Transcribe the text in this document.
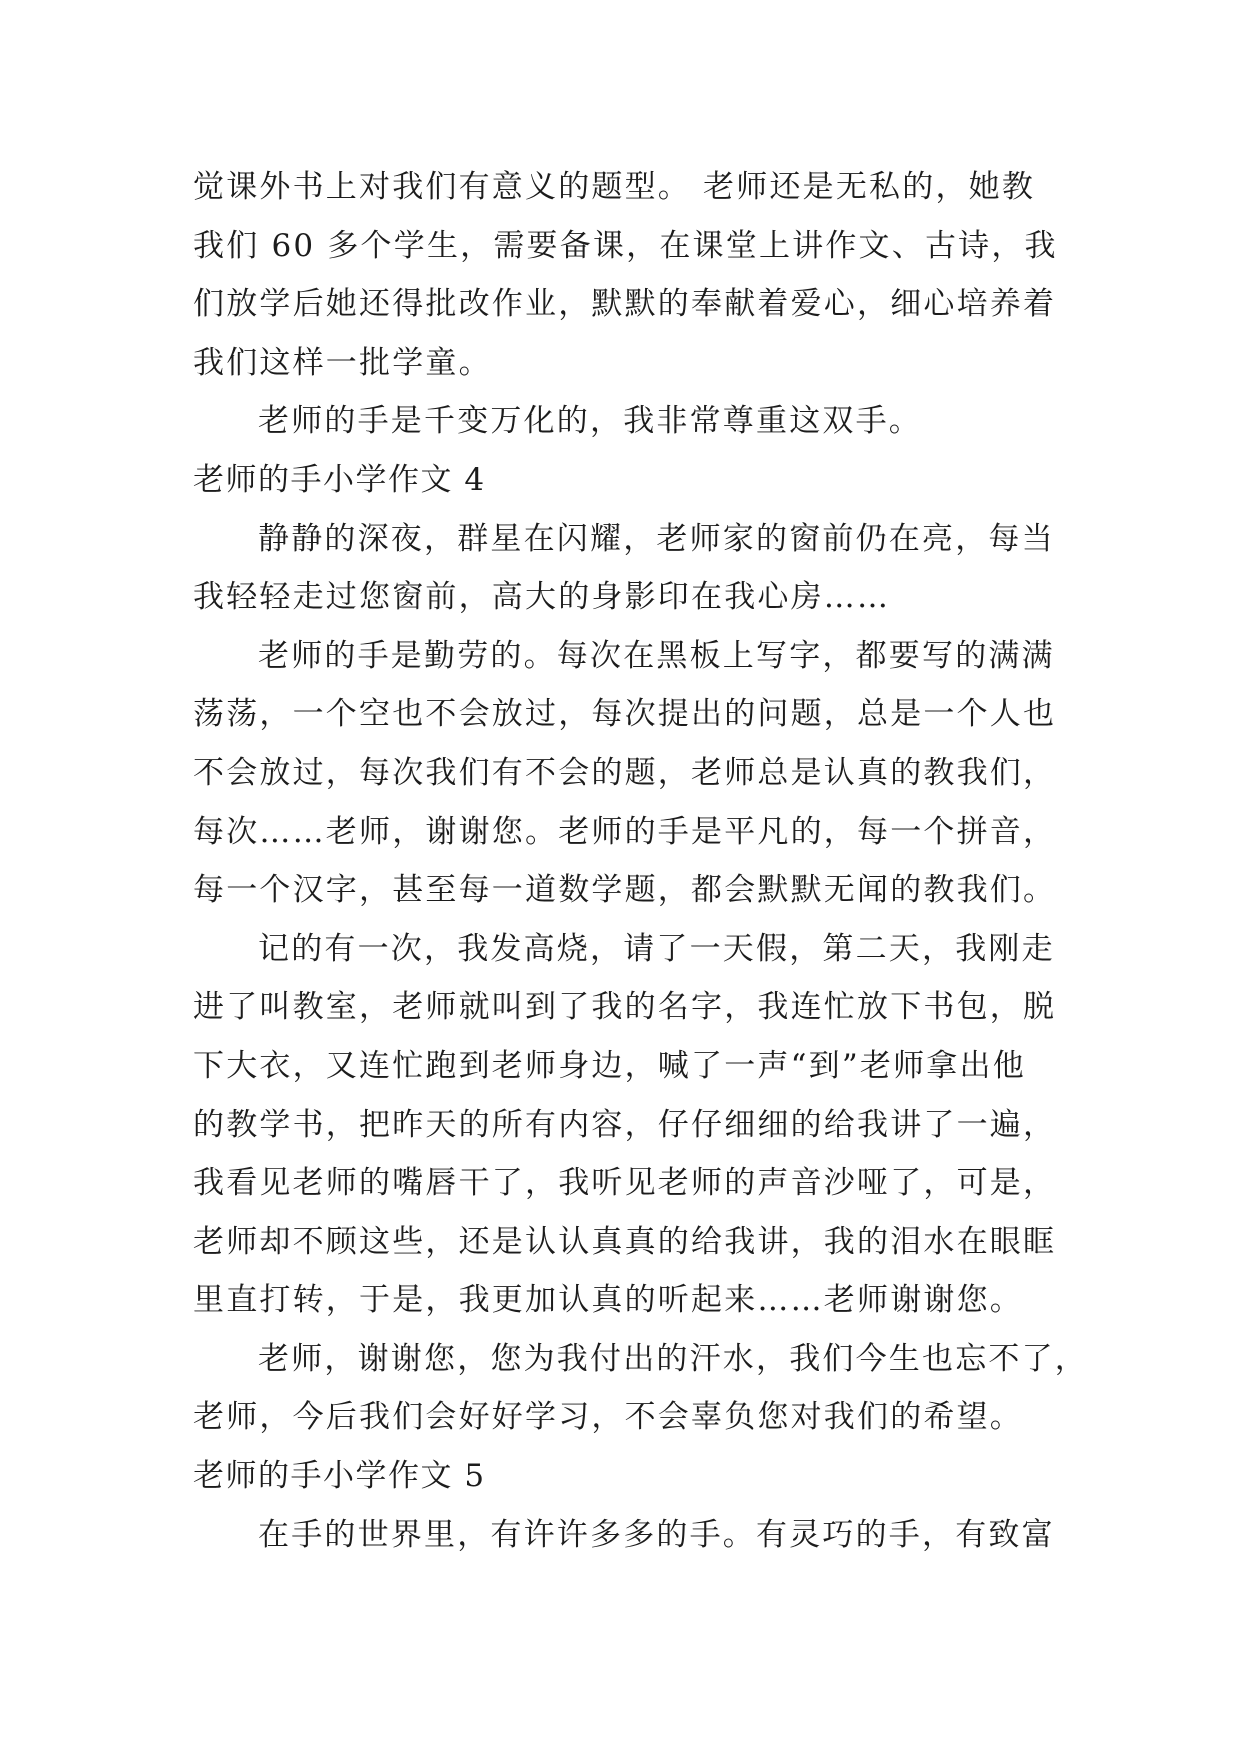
觉课外书上对我们有意义的题型。 老师还是无私的，她教
我们 60 多个学生，需要备课，在课堂上讲作文、古诗，我
们放学后她还得批改作业，默默的奉献着爱心，细心培养着
我们这样一批学童。
老师的手是千变万化的，我非常尊重这双手。
老师的手小学作文 4
静静的深夜，群星在闪耀，老师家的窗前仍在亮，每当
我轻轻走过您窗前，高大的身影印在我心房……
老师的手是勤劳的。每次在黑板上写字，都要写的满满
荡荡，一个空也不会放过，每次提出的问题，总是一个人也
不会放过，每次我们有不会的题，老师总是认真的教我们，
每次……老师，谢谢您。老师的手是平凡的，每一个拼音，
每一个汉字，甚至每一道数学题，都会默默无闻的教我们。
记的有一次，我发高烧，请了一天假，第二天，我刚走
进了叫教室，老师就叫到了我的名字，我连忙放下书包，脱
下大衣，又连忙跑到老师身边，喊了一声“到”老师拿出他
的教学书，把昨天的所有内容，仔仔细细的给我讲了一遍，
我看见老师的嘴唇干了，我听见老师的声音沙哑了，可是，
老师却不顾这些，还是认认真真的给我讲，我的泪水在眼眶
里直打转，于是，我更加认真的听起来……老师谢谢您。
老师，谢谢您，您为我付出的汗水，我们今生也忘不了，
老师，今后我们会好好学习，不会辜负您对我们的希望。
老师的手小学作文 5
在手的世界里，有许许多多的手。有灵巧的手，有致富
